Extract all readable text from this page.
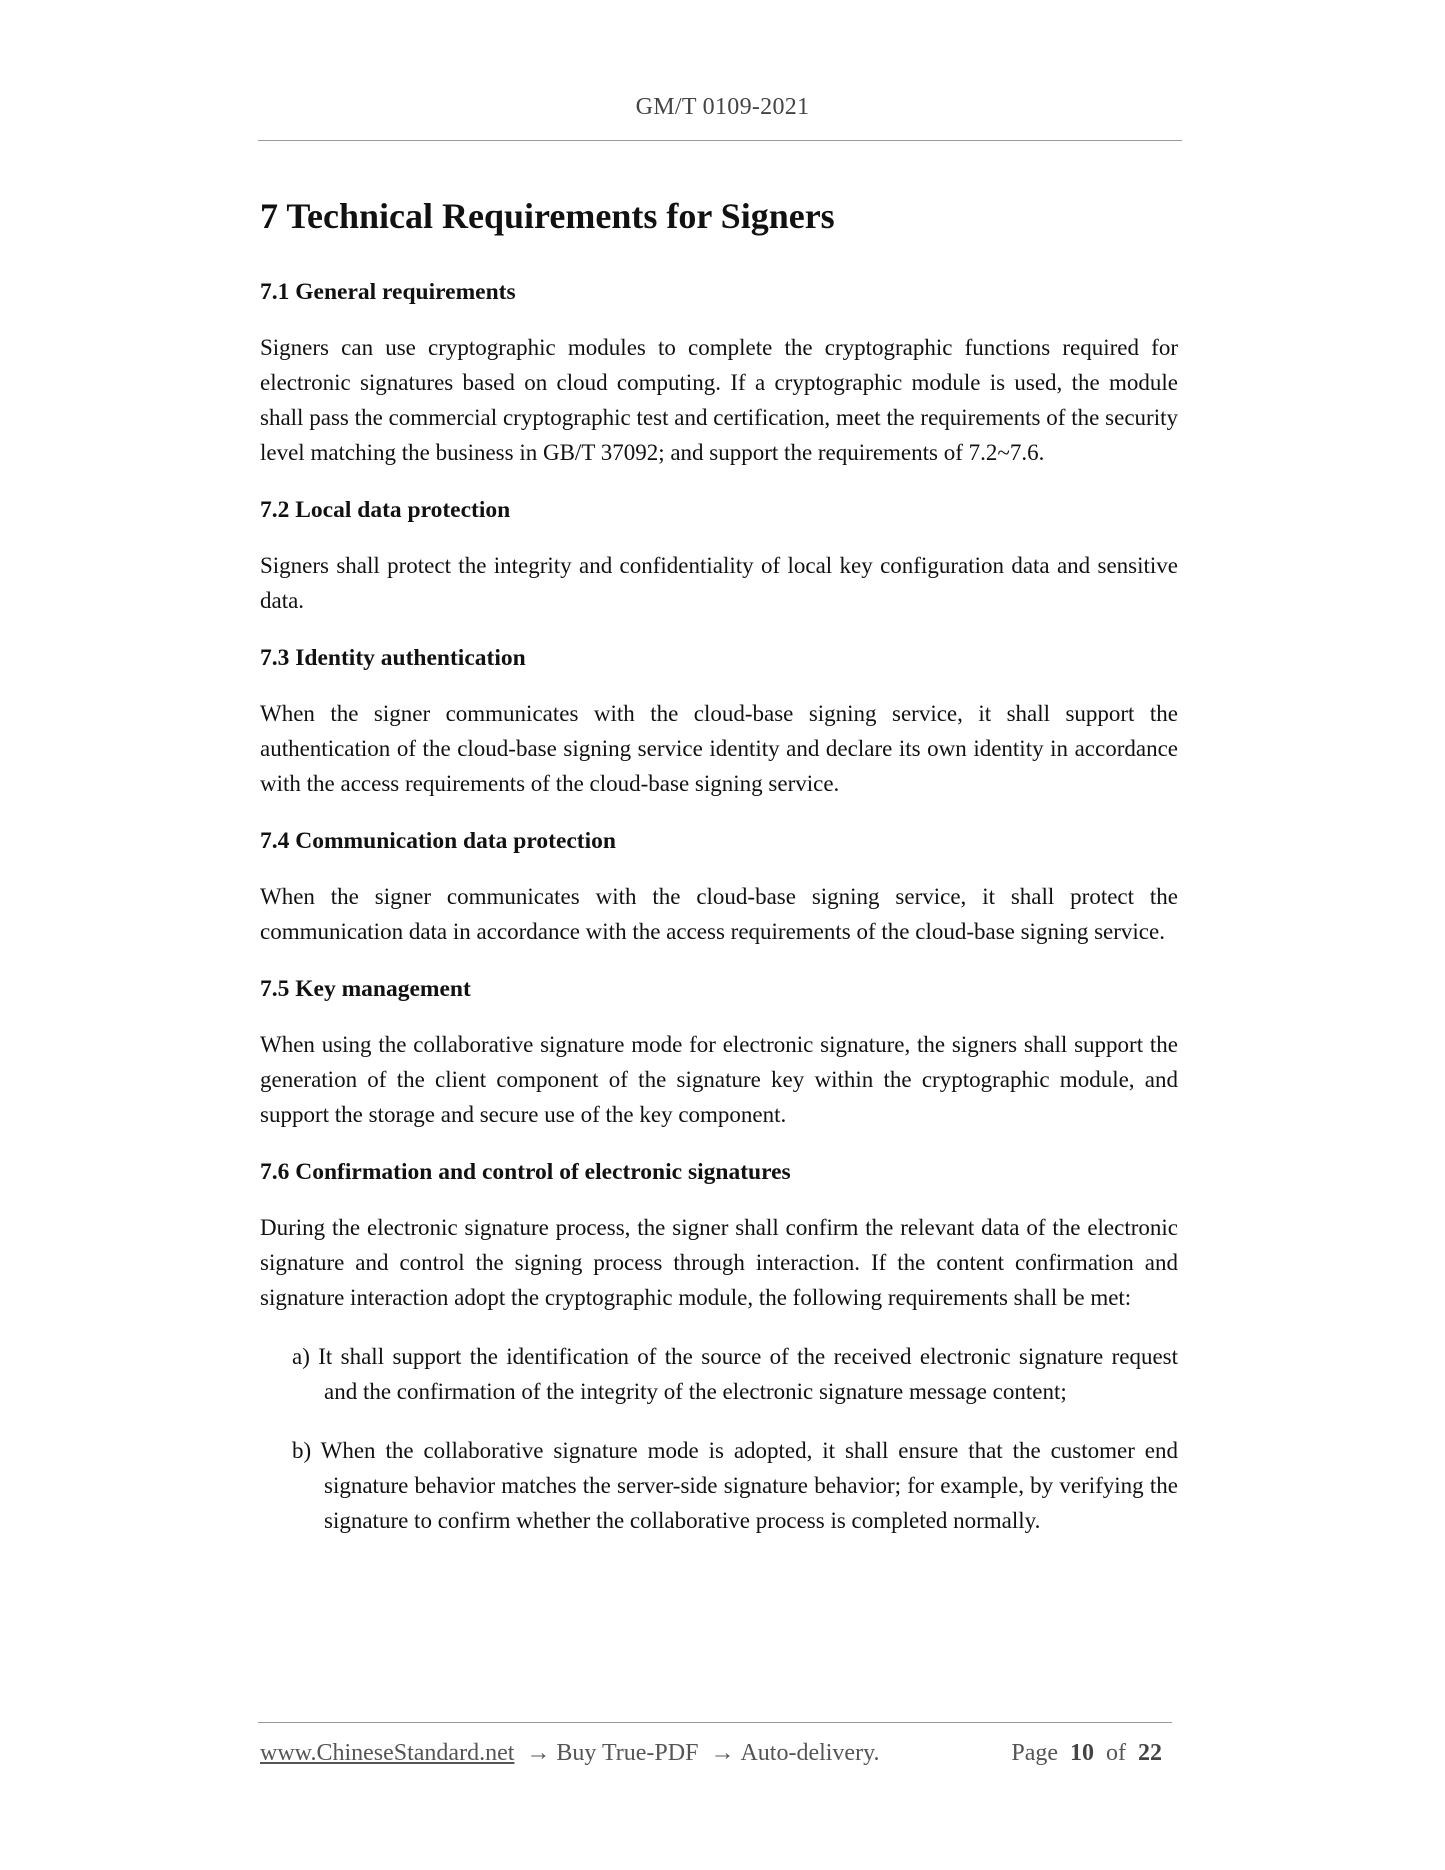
GM/T 0109-2021
7 Technical Requirements for Signers
7.1 General requirements

Signers can use cryptographic modules to complete the cryptographic functions required for electronic signatures based on cloud computing. If a cryptographic module is used, the module shall pass the commercial cryptographic test and certification, meet the requirements of the security level matching the business in GB/T 37092; and support the requirements of 7.2~7.6.

7.2 Local data protection

Signers shall protect the integrity and confidentiality of local key configuration data and sensitive data.

7.3 Identity authentication

When the signer communicates with the cloud-base signing service, it shall support the authentication of the cloud-base signing service identity and declare its own identity in accordance with the access requirements of the cloud-base signing service.

7.4 Communication data protection

When the signer communicates with the cloud-base signing service, it shall protect the communication data in accordance with the access requirements of the cloud-base signing service.

7.5 Key management

When using the collaborative signature mode for electronic signature, the signers shall support the generation of the client component of the signature key within the cryptographic module, and support the storage and secure use of the key component.

7.6 Confirmation and control of electronic signatures

During the electronic signature process, the signer shall confirm the relevant data of the electronic signature and control the signing process through interaction. If the content confirmation and signature interaction adopt the cryptographic module, the following requirements shall be met:

a) It shall support the identification of the source of the received electronic signature request and the confirmation of the integrity of the electronic signature message content;
b) When the collaborative signature mode is adopted, it shall ensure that the customer end signature behavior matches the server-side signature behavior; for example, by verifying the signature to confirm whether the collaborative process is completed normally.
www.ChineseStandard.net → Buy True-PDF → Auto-delivery.	Page 10 of 22
